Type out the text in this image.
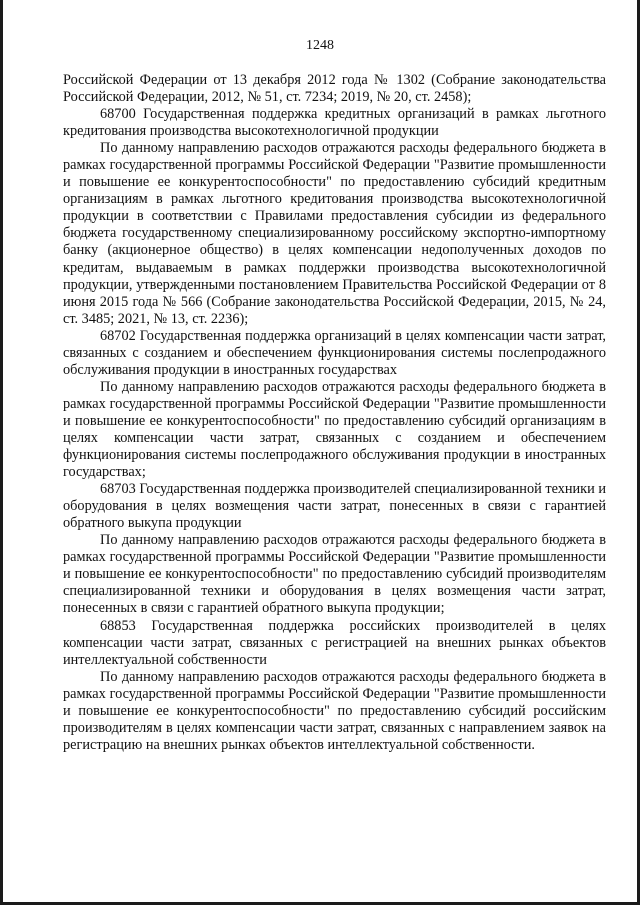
1248

Российской Федерации от 13 декабря 2012 года № 1302 (Собрание законодательства Российской Федерации, 2012, № 51, ст. 7234; 2019, № 20, ст. 2458);

68700 Государственная поддержка кредитных организаций в рамках льготного кредитования производства высокотехнологичной продукции

По данному направлению расходов отражаются расходы федерального бюджета в рамках государственной программы Российской Федерации "Развитие промышленности и повышение ее конкурентоспособности" по предоставлению субсидий кредитным организациям в рамках льготного кредитования производства высокотехнологичной продукции в соответствии с Правилами предоставления субсидии из федерального бюджета государственному специализированному российскому экспортно-импортному банку (акционерное общество) в целях компенсации недополученных доходов по кредитам, выдаваемым в рамках поддержки производства высокотехнологичной продукции, утвержденными постановлением Правительства Российской Федерации от 8 июня 2015 года № 566 (Собрание законодательства Российской Федерации, 2015, № 24, ст. 3485; 2021, № 13, ст. 2236);

68702 Государственная поддержка организаций в целях компенсации части затрат, связанных с созданием и обеспечением функционирования системы послепродажного обслуживания продукции в иностранных государствах

По данному направлению расходов отражаются расходы федерального бюджета в рамках государственной программы Российской Федерации "Развитие промышленности и повышение ее конкурентоспособности" по предоставлению субсидий организациям в целях компенсации части затрат, связанных с созданием и обеспечением функционирования системы послепродажного обслуживания продукции в иностранных государствах;

68703 Государственная поддержка производителей специализированной техники и оборудования в целях возмещения части затрат, понесенных в связи с гарантией обратного выкупа продукции

По данному направлению расходов отражаются расходы федерального бюджета в рамках государственной программы Российской Федерации "Развитие промышленности и повышение ее конкурентоспособности" по предоставлению субсидий производителям специализированной техники и оборудования в целях возмещения части затрат, понесенных в связи с гарантией обратного выкупа продукции;

68853 Государственная поддержка российских производителей в целях компенсации части затрат, связанных с регистрацией на внешних рынках объектов интеллектуальной собственности

По данному направлению расходов отражаются расходы федерального бюджета в рамках государственной программы Российской Федерации "Развитие промышленности и повышение ее конкурентоспособности" по предоставлению субсидий российским производителям в целях компенсации части затрат, связанных с направлением заявок на регистрацию на внешних рынках объектов интеллектуальной собственности.
